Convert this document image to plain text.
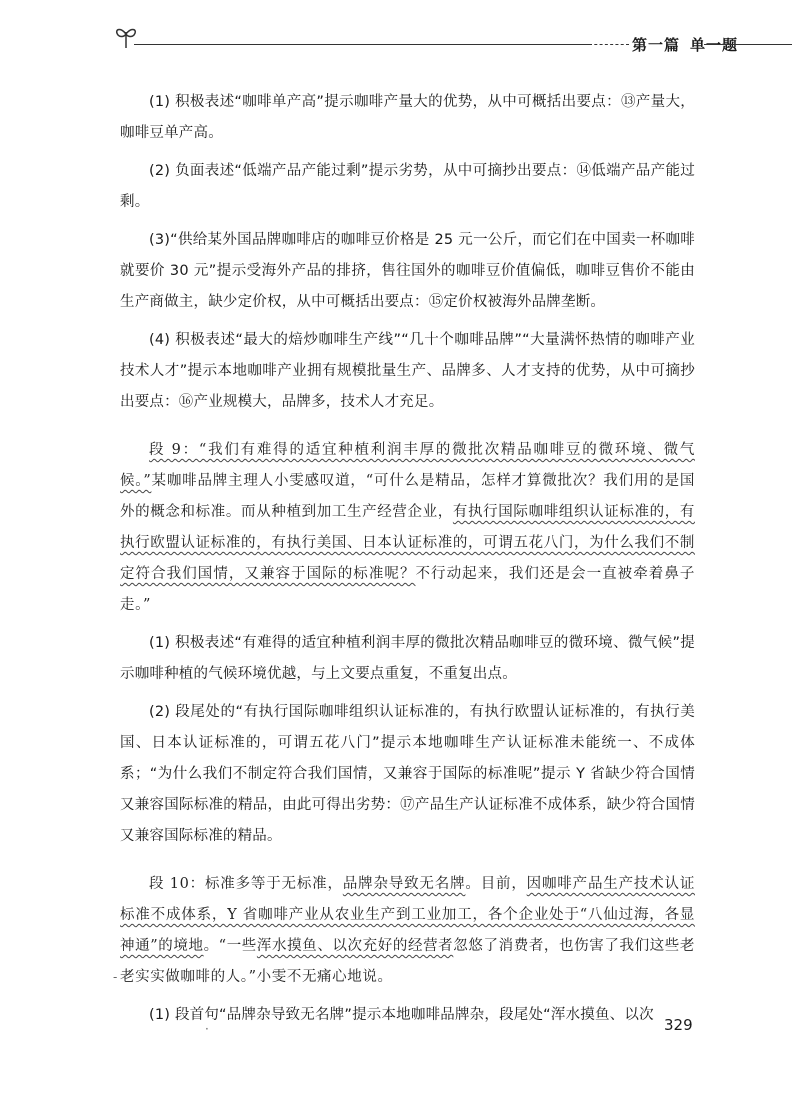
第一篇 单一题

(1) 积极表述“咖啡单产高”提示咖啡产量大的优势，从中可概括出要点：⑬产量大，咖啡豆单产高。

(2) 负面表述“低端产品产能过剩”提示劣势，从中可摘抄出要点：⑭低端产品产能过剩。

(3)“供给某外国品牌咖啡店的咖啡豆价格是 25 元一公斤，而它们在中国卖一杯咖啡就要价 30 元”提示受海外产品的排挤，售往国外的咖啡豆价值偏低，咖啡豆售价不能由生产商做主，缺少定价权，从中可概括出要点：⑮定价权被海外品牌垄断。

(4) 积极表述“最大的焙炒咖啡生产线”“几十个咖啡品牌”“大量满怀热情的咖啡产业技术人才”提示本地咖啡产业拥有规模批量生产、品牌多、人才支持的优势，从中可摘抄出要点：⑯产业规模大，品牌多，技术人才充足。

段 9：“我们有难得的适宜种植利润丰厚的微批次精品咖啡豆的微环境、微气候。”某咖啡品牌主理人小雯感叹道，“可什么是精品，怎样才算微批次？我们用的是国外的概念和标准。而从种植到加工生产经营企业，有执行国际咖啡组织认证标准的，有执行欧盟认证标准的，有执行美国、日本认证标准的，可谓五花八门，为什么我们不制定符合我们国情，又兼容于国际的标准呢？不行动起来，我们还是会一直被牵着鼻子走。”

(1) 积极表述“有难得的适宜种植利润丰厚的微批次精品咖啡豆的微环境、微气候”提示咖啡种植的气候环境优越，与上文要点重复，不重复出点。

(2) 段尾处的“有执行国际咖啡组织认证标准的，有执行欧盟认证标准的，有执行美国、日本认证标准的，可谓五花八门”提示本地咖啡生产认证标准未能统一、不成体系；“为什么我们不制定符合我们国情，又兼容于国际的标准呢”提示 Y 省缺少符合国情又兼容国际标准的精品，由此可得出劣势：⑰产品生产认证标准不成体系，缺少符合国情又兼容国际标准的精品。

段 10：标准多等于无标准，品牌杂导致无名牌。目前，因咖啡产品生产技术认证标准不成体系，Y 省咖啡产业从农业生产到工业加工，各个企业处于“八仙过海，各显神通”的境地。“一些浑水摸鱼、以次充好的经营者忽悠了消费者，也伤害了我们这些老老实实做咖啡的人。”小雯不无痛心地说。

(1) 段首句“品牌杂导致无名牌”提示本地咖啡品牌杂，段尾处“浑水摸鱼、以次

-
·	329
